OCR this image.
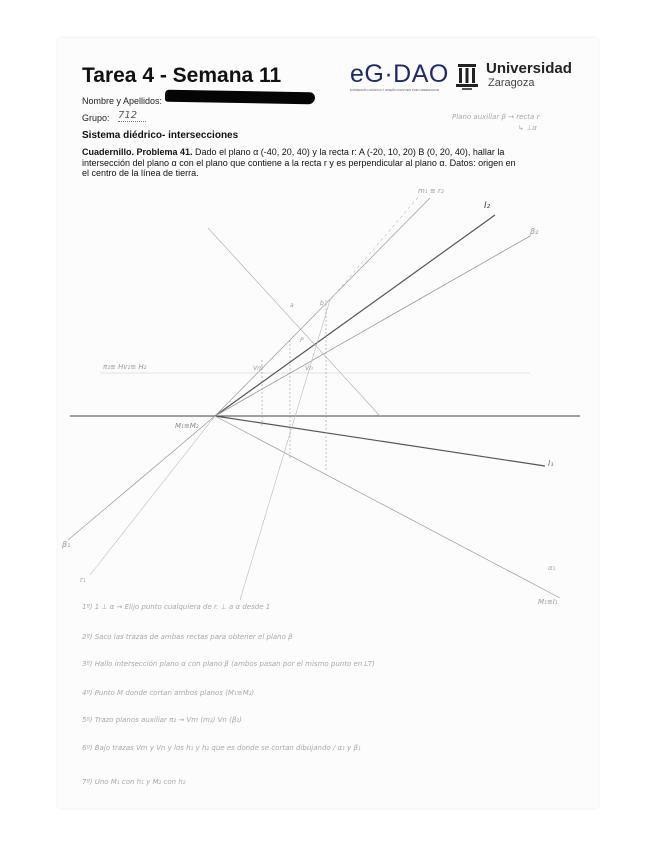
Tarea 4 - Semana 11	eG·DAO
EXPRESIÓN GRÁFICA Y DISEÑO ASISTIDO POR ORDENADOR
Universidad
Zaragoza
Nombre y Apellidos:
Grupo: 712	Plano auxiliar β → recta r
↳ ⊥α
Sistema diédrico- intersecciones
Cuadernillo. Problema 41. Dado el plano α (-40, 20, 40) y la recta r: A (-20, 10, 20) B (0, 20, 40), hallar la intersección del plano α con el plano que contiene a la recta r y es perpendicular al plano α. Datos: origen en el centro de la línea de tierra.
I₂
β₂
m₁ ≡ r₂
π₂≡ Hv₂≡ H₂
M₁≡M₂
I₁
β₁
r₁
α₁
M₁≡I₁
P
a	b
Vn
Vm
1º) 1 ⊥ α → Elijo punto cualquiera de r. ⊥ a α desde 1
2º) Saco las trazas de ambas rectas para obtener el plano β
3º) Hallo intersección plano α con plano β (ambos pasan por el mismo punto en LT)
4º) Punto M donde cortan ambos planos (M₁≡M₂)
5º) Trazo planos auxiliar π₂ → Vm (m₂) Vn (β₂)
6º) Bajo trazas Vm y Vn y los h₁ y h₂ que es donde se cortan dibujando / α₁ y β₁
7º) Uno M₁ con h₁ y M₂ con h₂
